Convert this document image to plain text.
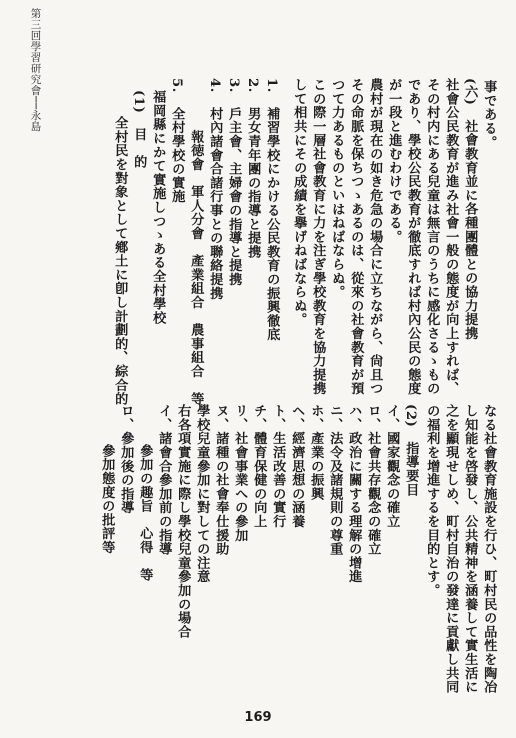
第三回學習研究會──永島	事である。
(六)　社會教育並に各種團體との協力提携
社會公民教育が進み社會一般の態度が向上すれば、
その村内にある兒童は無言のうちに感化さるゝもの
であり、學校公民教育が徹底すれば村內公民の態度
が一段と進むわけである。
農村が現在の如き危急の場合に立ちながら、尙且つ
その命脈を保ちつゝあるのは、從來の社會教育が預
つて力あるものといはねばならぬ。
この際一層社會教育に力を注ぎ學校教育を協力提携
して相共にその成績を擧げねばならぬ。
1.　補習學校にかける公民教育の振興徹底
2.　男女青年團の指導と提携
3.　戶主會、主婦會の指導と提携
4.　村內諸會合諸行事との聯絡提携
　報徳會　軍人分會　產業組合　農事組合　等
5.　全村學校の實施
福岡縣にかて實施しつゝある全村學校
(1)　目　的
全村民を對象として鄕土に卽し計劃的、綜合的
なる社會教育施設を行ひ、町村民の品性を陶冶
し知能を啓發し、公共精神を涵養して實生活に
之を顯現せしめ、町村自治の發達に貢獻し共同
の福利を增進するを目的とす。
(2)　指導要目
イ、國家觀念の確立
ロ、社會共存觀念の確立
ハ、政治に關する理解の增進
ニ、法令及諸規則の尊重
ホ、產業の振興
ヘ、經濟思想の涵養
ト、生活改善の實行
チ、體育保健の向上
リ、社會事業への參加
ヌ、諸種の社會奉仕援助
學校兒童參加に對しての注意
右各項實施に際し學校兒童參加の場合
イ、諸會合參加前の指導
　參加の趣旨　心得　等
ロ、參加後の指導
　參加態度の批評等
169
